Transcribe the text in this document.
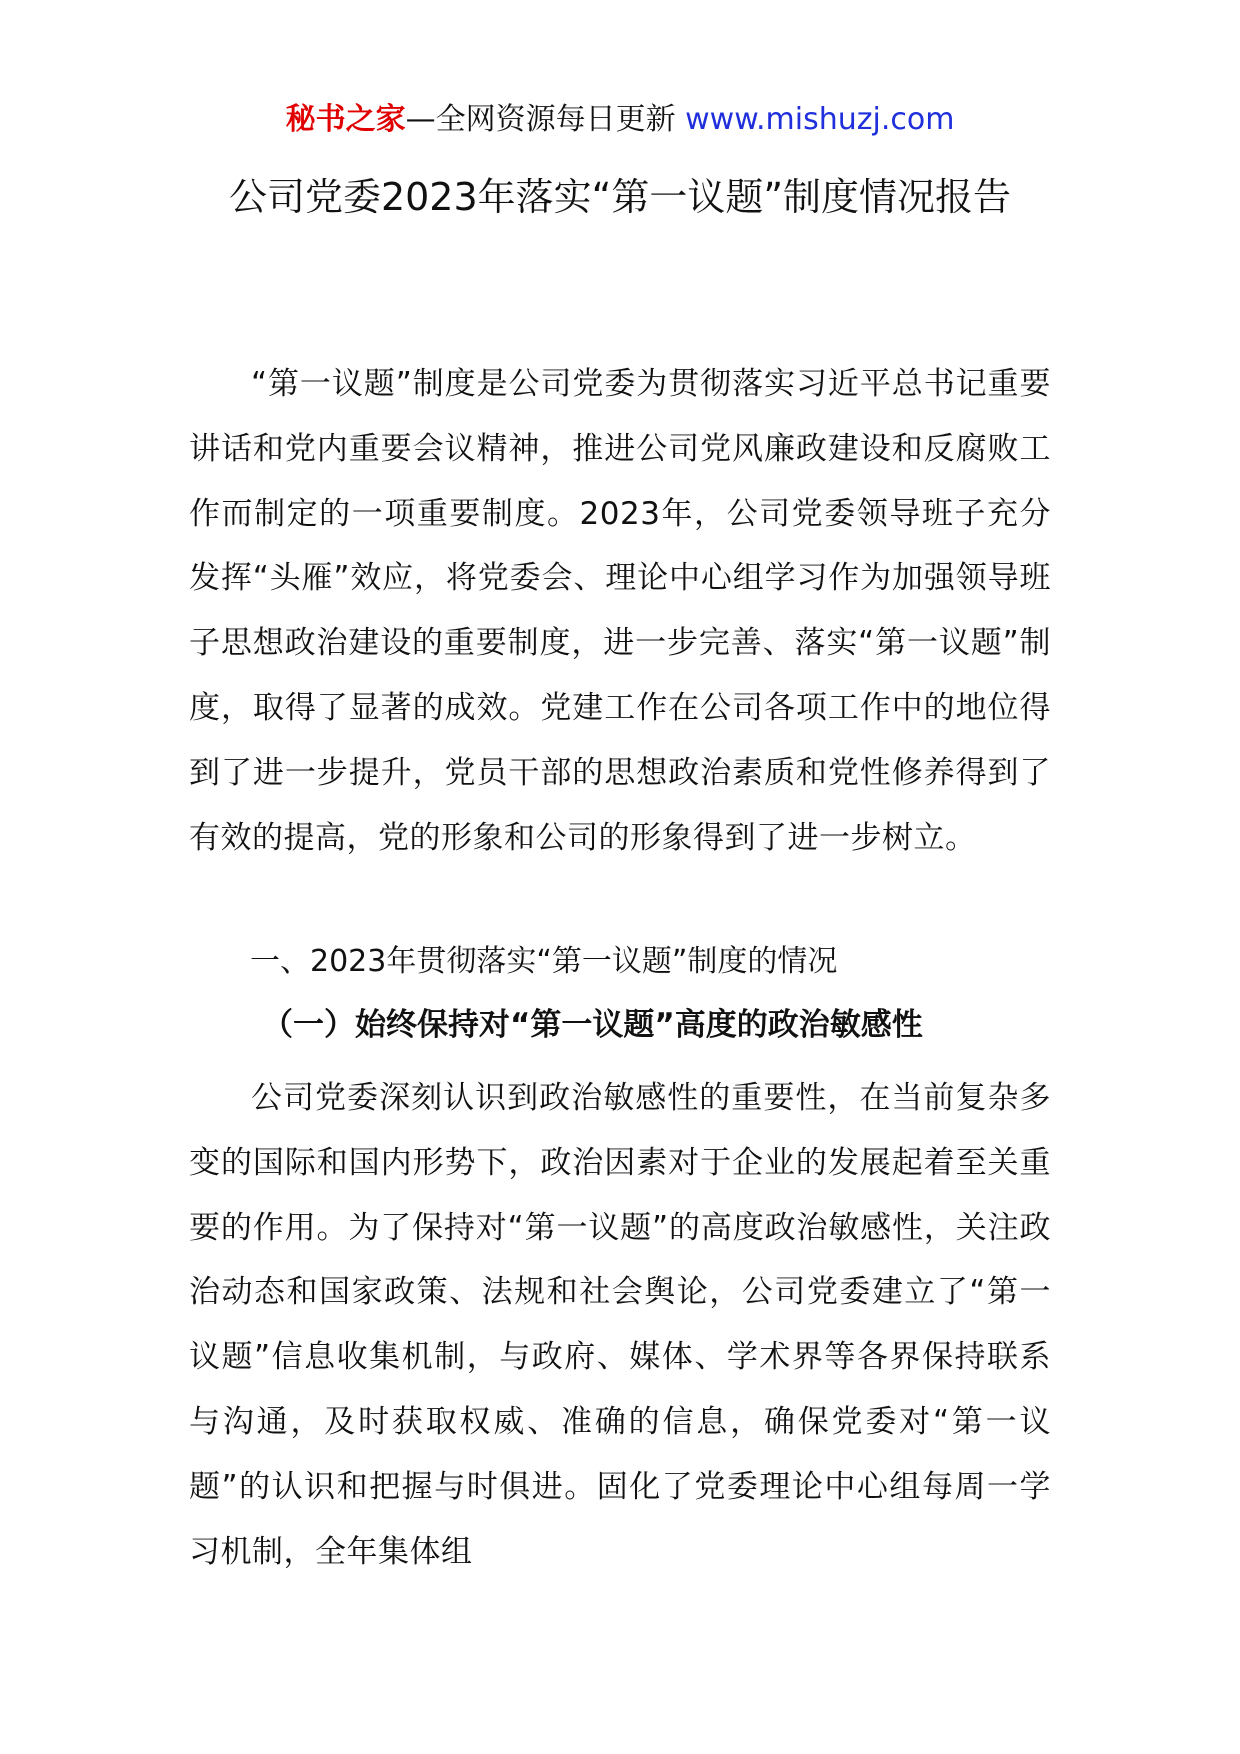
秘书之家—全网资源每日更新 www.mishuzj.com
公司党委2023年落实“第一议题”制度情况报告

“第一议题”制度是公司党委为贯彻落实习近平总书记重要讲话和党内重要会议精神，推进公司党风廉政建设和反腐败工作而制定的一项重要制度。2023年，公司党委领导班子充分发挥“头雁”效应，将党委会、理论中心组学习作为加强领导班子思想政治建设的重要制度，进一步完善、落实“第一议题”制度，取得了显著的成效。党建工作在公司各项工作中的地位得到了进一步提升，党员干部的思想政治素质和党性修养得到了有效的提高，党的形象和公司的形象得到了进一步树立。

一、2023年贯彻落实“第一议题”制度的情况
（一）始终保持对“第一议题”高度的政治敏感性

公司党委深刻认识到政治敏感性的重要性，在当前复杂多变的国际和国内形势下，政治因素对于企业的发展起着至关重要的作用。为了保持对“第一议题”的高度政治敏感性，关注政治动态和国家政策、法规和社会舆论，公司党委建立了“第一议题”信息收集机制，与政府、媒体、学术界等各界保持联系与沟通，及时获取权威、准确的信息，确保党委对“第一议题”的认识和把握与时俱进。固化了党委理论中心组每周一学习机制，全年集体组
